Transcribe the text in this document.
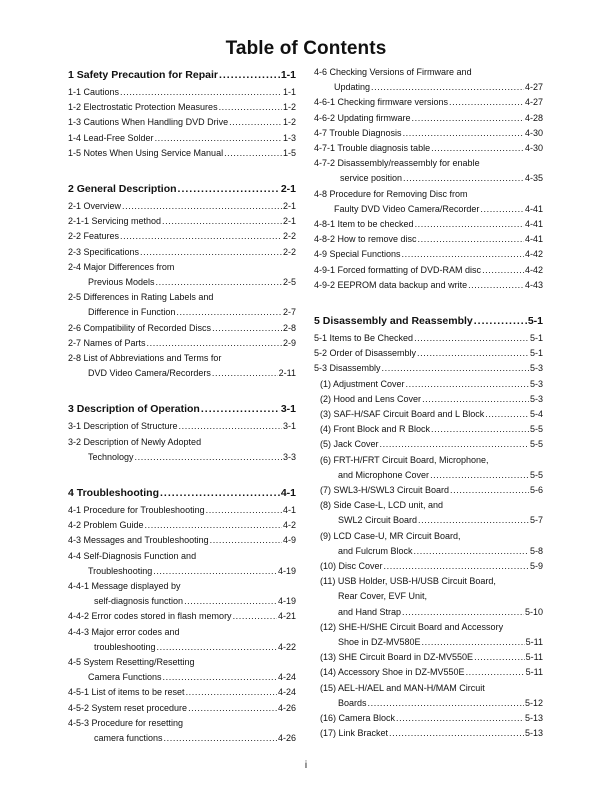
Table of Contents
1 Safety Precaution for Repair .....	1-1
1-1 Cautions .....	1-1
1-2 Electrostatic Protection Measures .....	1-2
1-3 Cautions When Handling DVD Drive .....	1-2
1-4 Lead-Free Solder .....	1-3
1-5 Notes When Using Service Manual .....	1-5
2 General Description .....	2-1
2-1 Overview .....	2-1
2-1-1 Servicing method .....	2-1
2-2 Features .....	2-2
2-3 Specifications .....	2-2
2-4 Major Differences from
Previous Models .....	2-5
2-5 Differences in Rating Labels and
Difference in Function .....	2-7
2-6 Compatibility of Recorded Discs .....	2-8
2-7 Names of Parts .....	2-9
2-8 List of Abbreviations and Terms for
DVD Video Camera/Recorders .....	2-11
3 Description of Operation .....	3-1
3-1 Description of Structure .....	3-1
3-2 Description of Newly Adopted
Technology .....	3-3
4 Troubleshooting .....	4-1
4-1 Procedure for Troubleshooting .....	4-1
4-2 Problem Guide .....	4-2
4-3 Messages and Troubleshooting .....	4-9
4-4 Self-Diagnosis Function and
Troubleshooting .....	4-19
4-4-1 Message displayed by
self-diagnosis function .....	4-19
4-4-2 Error codes stored in flash memory .....	4-21
4-4-3 Major error codes and
troubleshooting .....	4-22
4-5 System Resetting/Resetting
Camera Functions .....	4-24
4-5-1 List of items to be reset .....	4-24
4-5-2 System reset procedure .....	4-26
4-5-3 Procedure for resetting
camera functions .....	4-26
4-6 Checking Versions of Firmware and
Updating .....	4-27
4-6-1 Checking firmware versions .....	4-27
4-6-2 Updating firmware .....	4-28
4-7 Trouble Diagnosis .....	4-30
4-7-1 Trouble diagnosis table .....	4-30
4-7-2 Disassembly/reassembly for enable
service position .....	4-35
4-8 Procedure for Removing Disc from
Faulty DVD Video Camera/Recorder .....	4-41
4-8-1 Item to be checked .....	4-41
4-8-2 How to remove disc .....	4-41
4-9 Special Functions .....	4-42
4-9-1 Forced formatting of DVD-RAM disc .....	4-42
4-9-2 EEPROM data backup and write .....	4-43
5 Disassembly and Reassembly .....	5-1
5-1 Items to Be Checked .....	5-1
5-2 Order of Disassembly .....	5-1
5-3 Disassembly .....	5-3
(1) Adjustment Cover .....	5-3
(2) Hood and Lens Cover .....	5-3
(3) SAF-H/SAF Circuit Board and L Block .....	5-4
(4) Front Block and R Block .....	5-5
(5) Jack Cover .....	5-5
(6) FRT-H/FRT Circuit Board, Microphone,
and Microphone Cover .....	5-5
(7) SWL3-H/SWL3 Circuit Board .....	5-6
(8) Side Case-L, LCD unit, and
SWL2 Circuit Board .....	5-7
(9) LCD Case-U, MR Circuit Board,
and Fulcrum Block .....	5-8
(10) Disc Cover .....	5-9
(11) USB Holder, USB-H/USB Circuit Board,
Rear Cover, EVF Unit,
and Hand Strap .....	5-10
(12) SHE-H/SHE Circuit Board and Accessory
Shoe in DZ-MV580E .....	5-11
(13) SHE Circuit Board in DZ-MV550E .....	5-11
(14) Accessory Shoe in DZ-MV550E .....	5-11
(15) AEL-H/AEL and MAN-H/MAM Circuit
Boards .....	5-12
(16) Camera Block .....	5-13
(17) Link Bracket .....	5-13
i
